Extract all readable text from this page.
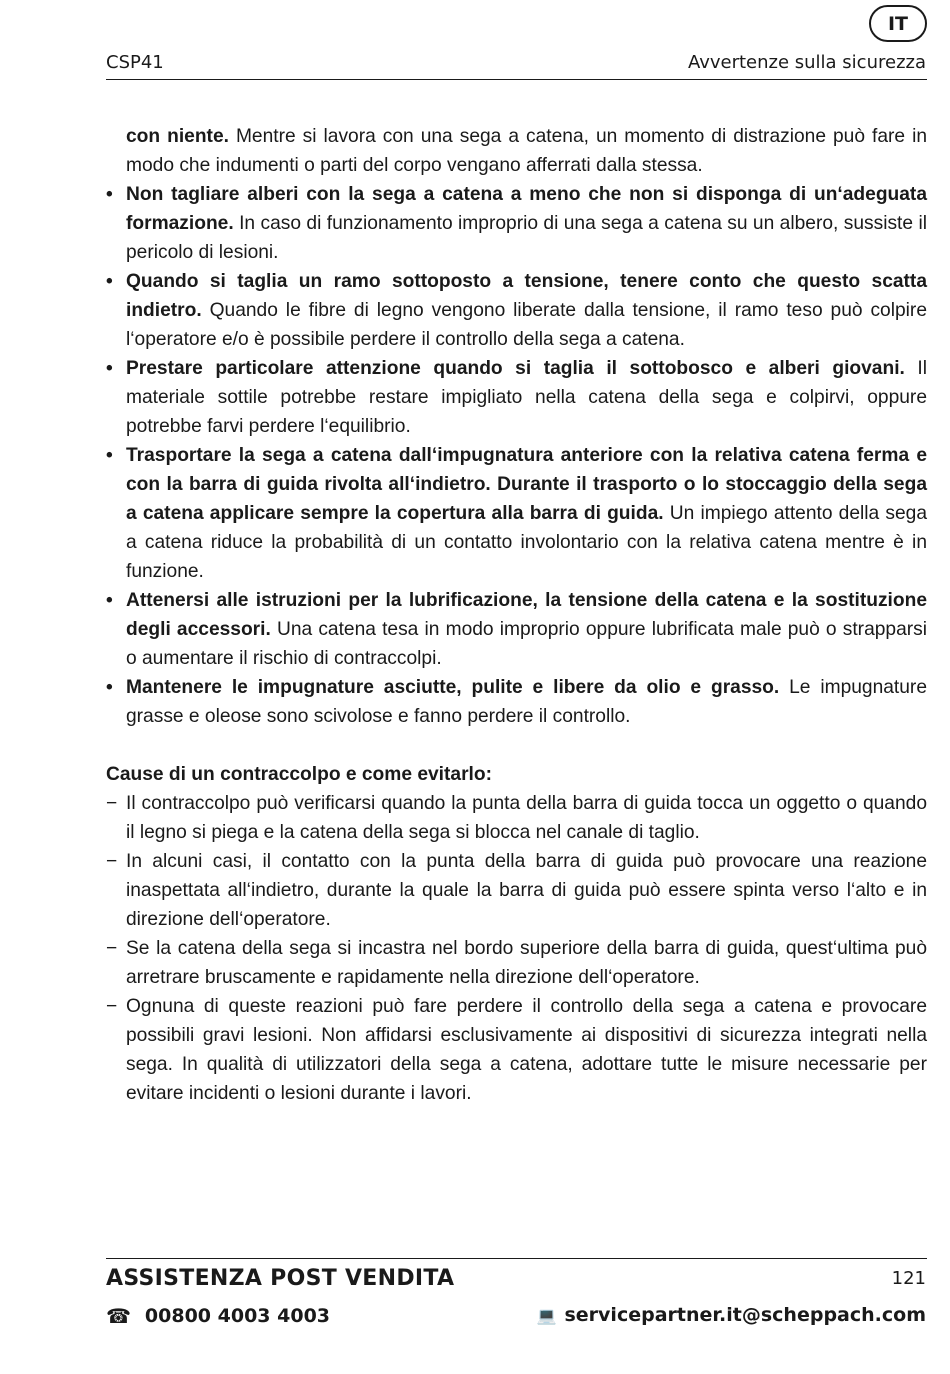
IT
CSP41	Avvertenze sulla sicurezza

con niente. Mentre si lavora con una sega a catena, un momento di distrazione può fare in modo che indumenti o parti del corpo vengano afferrati dalla stessa.

• Non tagliare alberi con la sega a catena a meno che non si disponga di un‘adeguata formazione. In caso di funzionamento improprio di una sega a catena su un albero, sussiste il pericolo di lesioni.

• Quando si taglia un ramo sottoposto a tensione, tenere conto che questo scatta indietro. Quando le fibre di legno vengono liberate dalla tensione, il ramo teso può colpire l‘operatore e/o è possibile perdere il controllo della sega a catena.

• Prestare particolare attenzione quando si taglia il sottobosco e alberi giovani. Il materiale sottile potrebbe restare impigliato nella catena della sega e colpirvi, oppure potrebbe farvi perdere l‘equilibrio.

• Trasportare la sega a catena dall‘impugnatura anteriore con la relativa catena ferma e con la barra di guida rivolta all‘indietro. Durante il trasporto o lo stoccaggio della sega a catena applicare sempre la copertura alla barra di guida. Un impiego attento della sega a catena riduce la probabilità di un contatto involontario con la relativa catena mentre è in funzione.

• Attenersi alle istruzioni per la lubrificazione, la tensione della catena e la sostituzione degli accessori. Una catena tesa in modo improprio oppure lubrificata male può o strapparsi o aumentare il rischio di contraccolpi.

• Mantenere le impugnature asciutte, pulite e libere da olio e grasso. Le impugnature grasse e oleose sono scivolose e fanno perdere il controllo.

Cause di un contraccolpo e come evitarlo:

− Il contraccolpo può verificarsi quando la punta della barra di guida tocca un oggetto o quando il legno si piega e la catena della sega si blocca nel canale di taglio.

− In alcuni casi, il contatto con la punta della barra di guida può provocare una reazione inaspettata all‘indietro, durante la quale la barra di guida può essere spinta verso l‘alto e in direzione dell‘operatore.

− Se la catena della sega si incastra nel bordo superiore della barra di guida, quest‘ultima può arretrare bruscamente e rapidamente nella direzione dell‘operatore.

− Ognuna di queste reazioni può fare perdere il controllo della sega a catena e provocare possibili gravi lesioni. Non affidarsi esclusivamente ai dispositivi di sicurezza integrati nella sega. In qualità di utilizzatori della sega a catena, adottare tutte le misure necessarie per evitare incidenti o lesioni durante i lavori.

ASSISTENZA POST VENDITA	121
☎ 00800 4003 4003	💻 servicepartner.it@scheppach.com
